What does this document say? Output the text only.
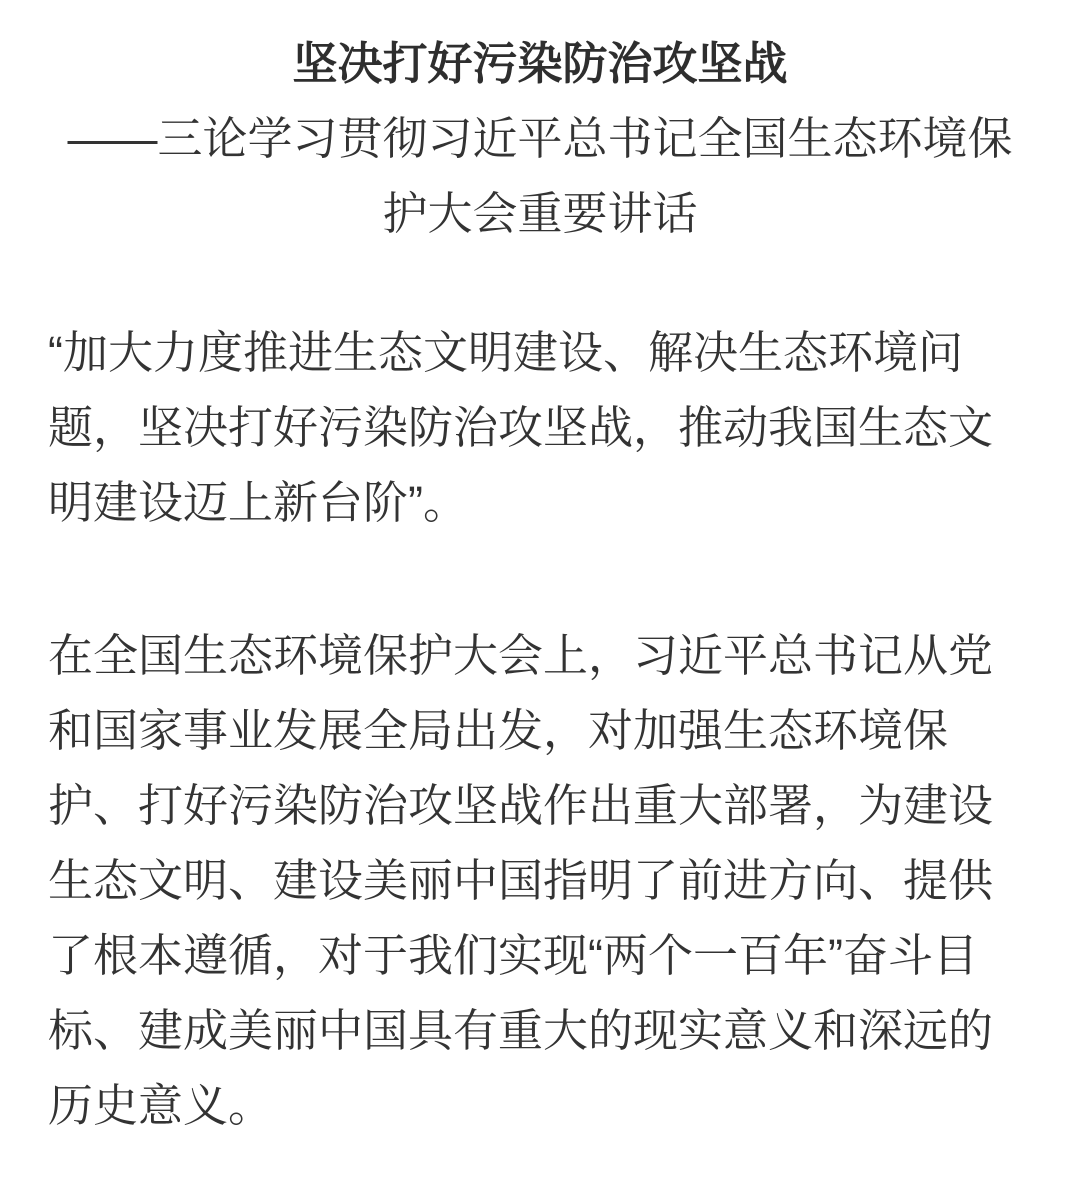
坚决打好污染防治攻坚战

——三论学习贯彻习近平总书记全国生态环境保护大会重要讲话

“加大力度推进生态文明建设、解决生态环境问题，坚决打好污染防治攻坚战，推动我国生态文明建设迈上新台阶”。

在全国生态环境保护大会上，习近平总书记从党和国家事业发展全局出发，对加强生态环境保护、打好污染防治攻坚战作出重大部署，为建设生态文明、建设美丽中国指明了前进方向、提供了根本遵循，对于我们实现“两个一百年”奋斗目标、建成美丽中国具有重大的现实意义和深远的历史意义。
